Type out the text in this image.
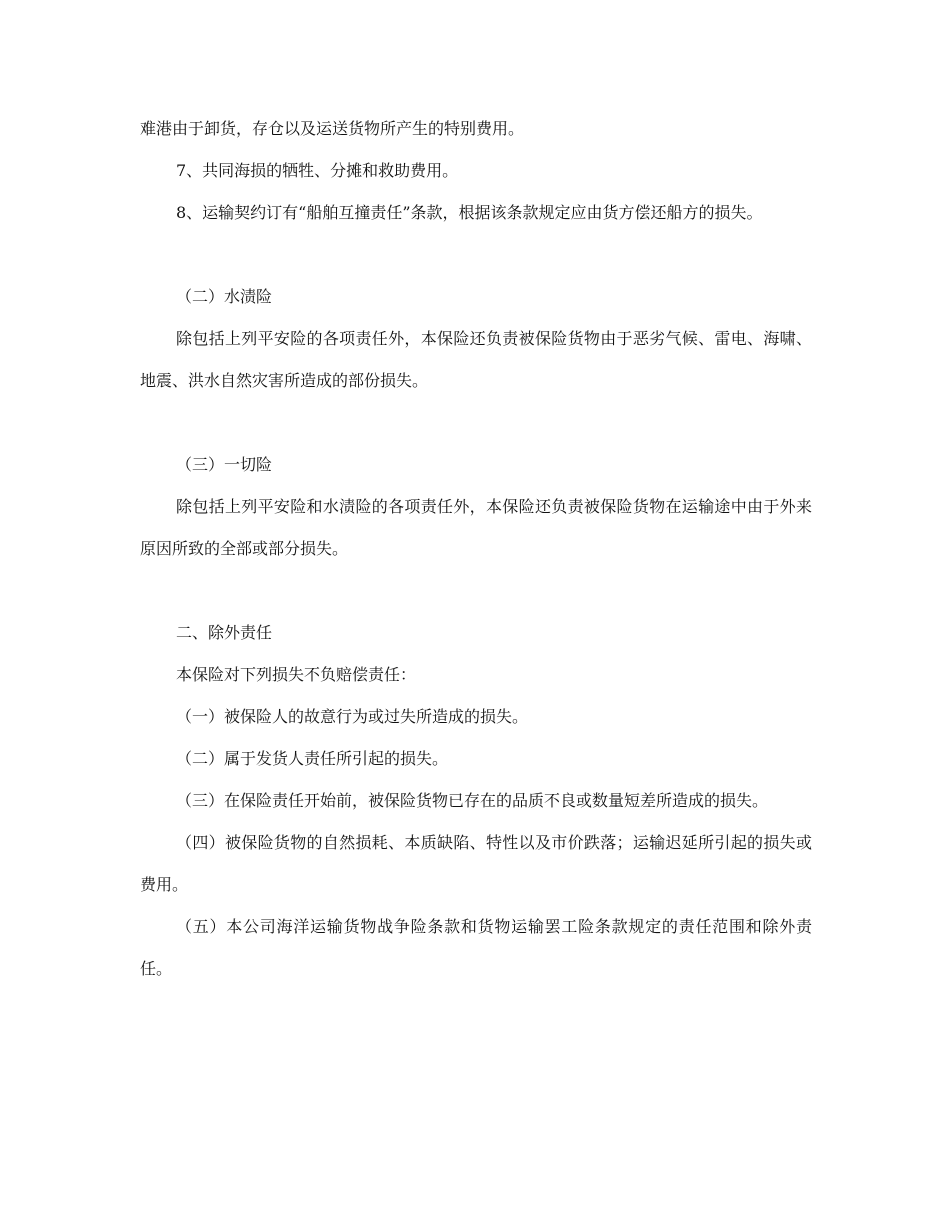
难港由于卸货，存仓以及运送货物所产生的特别费用。

7、共同海损的牺牲、分摊和救助费用。

8、运输契约订有“船舶互撞责任”条款，根据该条款规定应由货方偿还船方的损失。

（二）水渍险

除包括上列平安险的各项责任外，本保险还负责被保险货物由于恶劣气候、雷电、海啸、地震、洪水自然灾害所造成的部份损失。

（三）一切险

除包括上列平安险和水渍险的各项责任外，本保险还负责被保险货物在运输途中由于外来原因所致的全部或部分损失。

二、除外责任

本保险对下列损失不负赔偿责任：

（一）被保险人的故意行为或过失所造成的损失。

（二）属于发货人责任所引起的损失。

（三）在保险责任开始前，被保险货物已存在的品质不良或数量短差所造成的损失。

（四）被保险货物的自然损耗、本质缺陷、特性以及市价跌落；运输迟延所引起的损失或费用。

（五）本公司海洋运输货物战争险条款和货物运输罢工险条款规定的责任范围和除外责任。
